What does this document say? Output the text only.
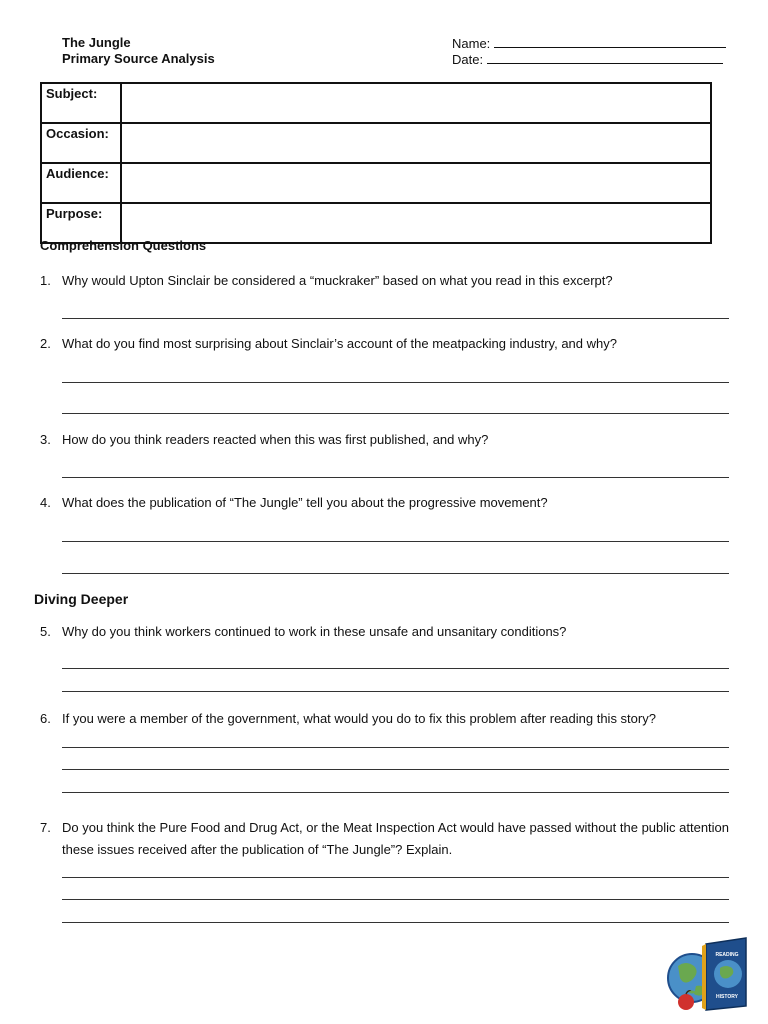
The Jungle
Primary Source Analysis
Name:
Date:
Subject:	
Occasion:	
Audience:	
Purpose:	
Comprehension Questions
1. Why would Upton Sinclair be considered a “muckraker” based on what you read in this excerpt?
2. What do you find most surprising about Sinclair’s account of the meatpacking industry, and why?
3. How do you think readers reacted when this was first published, and why?
4. What does the publication of “The Jungle” tell you about the progressive movement?
Diving Deeper
5. Why do you think workers continued to work in these unsafe and unsanitary conditions?
6. If you were a member of the government, what would you do to fix this problem after reading this story?
7. Do you think the Pure Food and Drug Act, or the Meat Inspection Act would have passed without the public attention these issues received after the publication of “The Jungle”? Explain.
READING
HISTORY
